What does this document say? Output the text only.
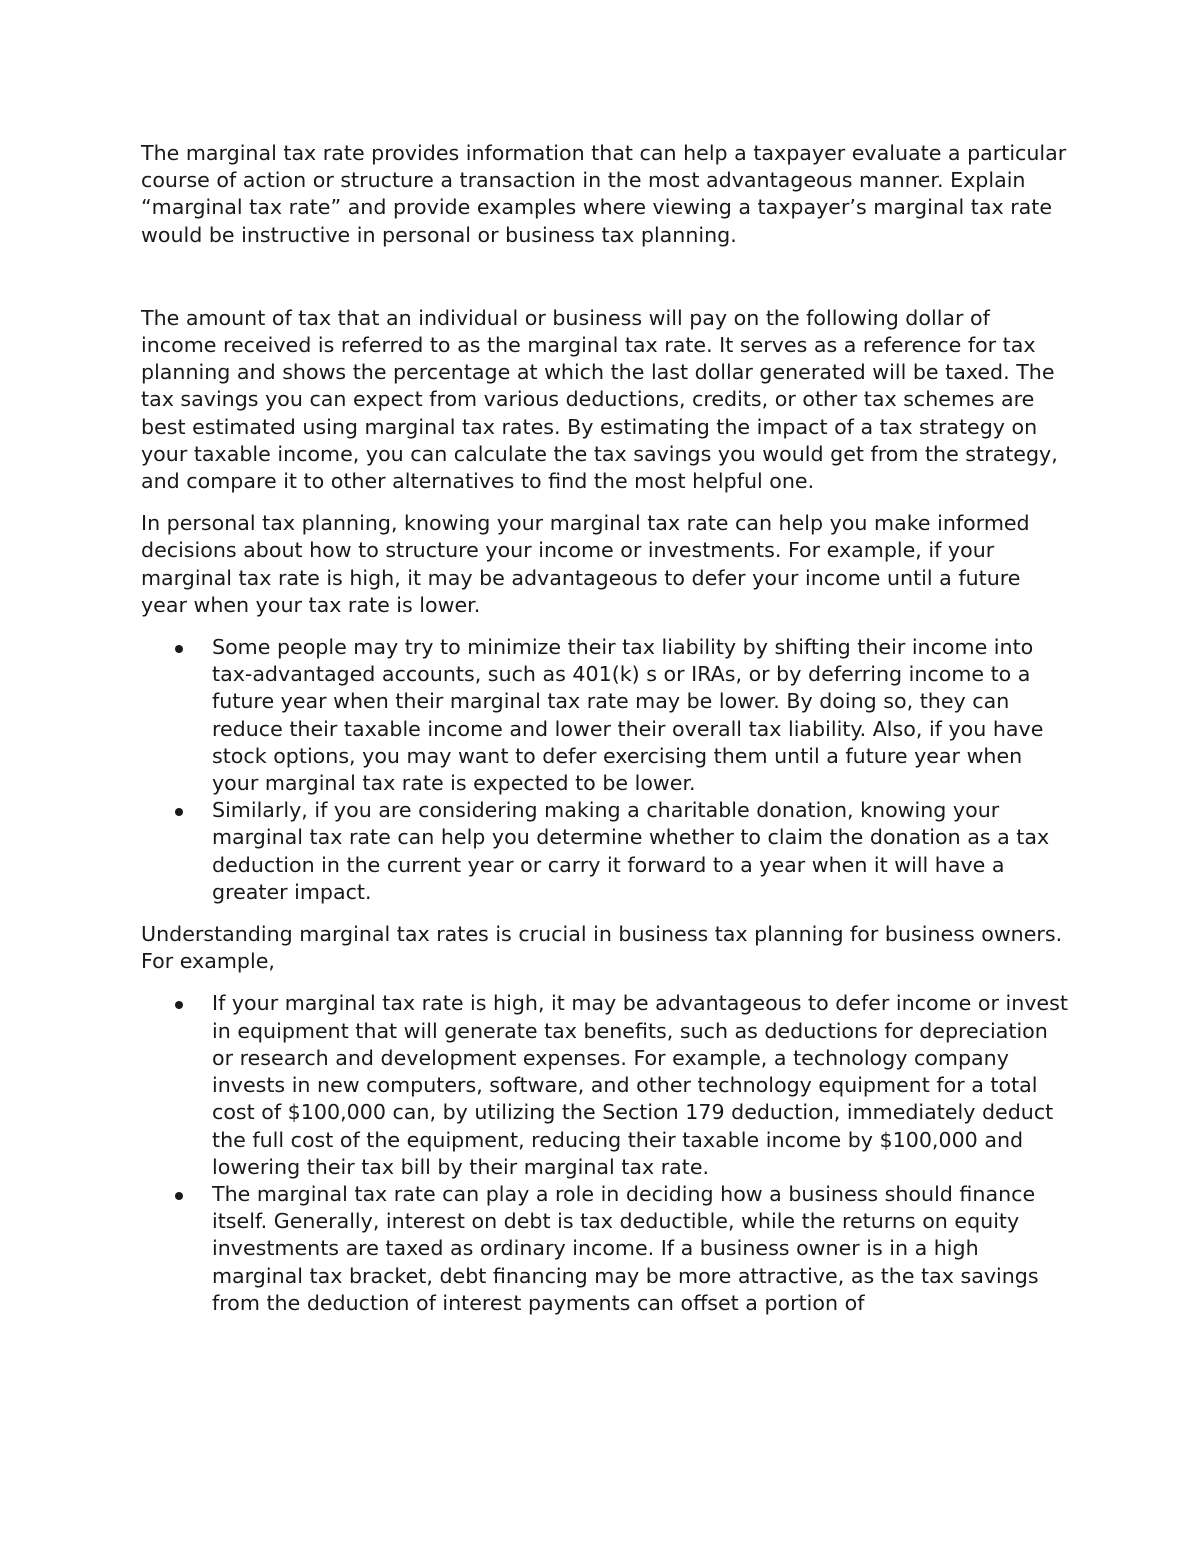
The marginal tax rate provides information that can help a taxpayer evaluate a particular course of action or structure a transaction in the most advantageous manner. Explain “marginal tax rate” and provide examples where viewing a taxpayer’s marginal tax rate would be instructive in personal or business tax planning.

The amount of tax that an individual or business will pay on the following dollar of income received is referred to as the marginal tax rate. It serves as a reference for tax planning and shows the percentage at which the last dollar generated will be taxed. The tax savings you can expect from various deductions, credits, or other tax schemes are best estimated using marginal tax rates. By estimating the impact of a tax strategy on your taxable income, you can calculate the tax savings you would get from the strategy, and compare it to other alternatives to find the most helpful one.

In personal tax planning, knowing your marginal tax rate can help you make informed decisions about how to structure your income or investments. For example, if your marginal tax rate is high, it may be advantageous to defer your income until a future year when your tax rate is lower.

Some people may try to minimize their tax liability by shifting their income into tax-advantaged accounts, such as 401(k) s or IRAs, or by deferring income to a future year when their marginal tax rate may be lower. By doing so, they can reduce their taxable income and lower their overall tax liability. Also, if you have stock options, you may want to defer exercising them until a future year when your marginal tax rate is expected to be lower.
Similarly, if you are considering making a charitable donation, knowing your marginal tax rate can help you determine whether to claim the donation as a tax deduction in the current year or carry it forward to a year when it will have a greater impact.

Understanding marginal tax rates is crucial in business tax planning for business owners. For example,

If your marginal tax rate is high, it may be advantageous to defer income or invest in equipment that will generate tax benefits, such as deductions for depreciation or research and development expenses. For example, a technology company invests in new computers, software, and other technology equipment for a total cost of $100,000 can, by utilizing the Section 179 deduction, immediately deduct the full cost of the equipment, reducing their taxable income by $100,000 and lowering their tax bill by their marginal tax rate.
The marginal tax rate can play a role in deciding how a business should finance itself. Generally, interest on debt is tax deductible, while the returns on equity investments are taxed as ordinary income. If a business owner is in a high marginal tax bracket, debt financing may be more attractive, as the tax savings from the deduction of interest payments can offset a portion of
